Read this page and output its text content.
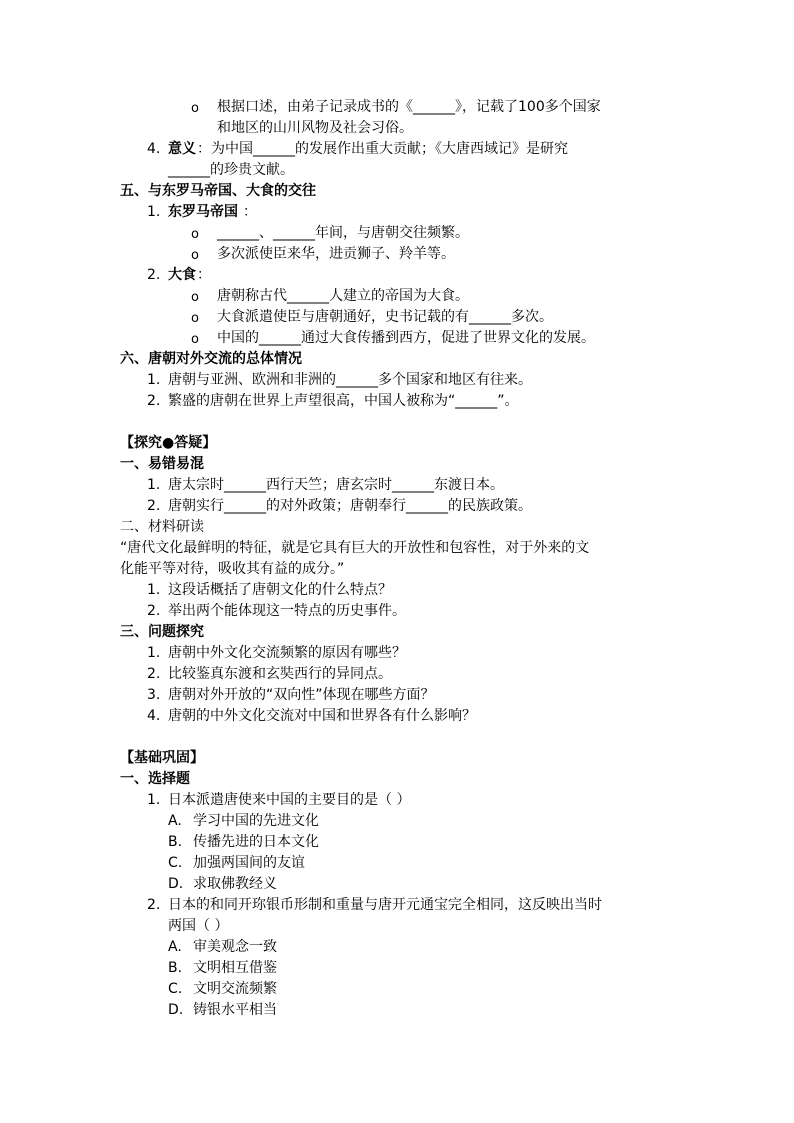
o 根据口述，由弟子记录成书的《______》，记载了100多个国家
和地区的山川风物及社会习俗。
4. 意义 ：为中国______的发展作出重大贡献；《大唐西域记》是研究
______的珍贵文献。
五、与东罗马帝国、大食的交往
1. 东罗马帝国 ：
o ______、______年间，与唐朝交往频繁。
o 多次派使臣来华，进贡狮子、羚羊等。
2. 大食 ：
o 唐朝称古代______人建立的帝国为大食。
o 大食派遣使臣与唐朝通好，史书记载的有______多次。
o 中国的______通过大食传播到西方，促进了世界文化的发展。
六、唐朝对外交流的总体情况
1. 唐朝与亚洲、欧洲和非洲的______多个国家和地区有往来。
2. 繁盛的唐朝在世界上声望很高，中国人被称为“______”。
【探究●答疑】
一、易错易混
1. 唐太宗时______西行天竺；唐玄宗时______东渡日本。
2. 唐朝实行______的对外政策；唐朝奉行______的民族政策。
二、材料研读
“唐代文化最鲜明的特征，就是它具有巨大的开放性和包容性，对于外来的文
化能平等对待，吸收其有益的成分。”
1. 这段话概括了唐朝文化的什么特点？
2. 举出两个能体现这一特点的历史事件。
三、问题探究
1. 唐朝中外文化交流频繁的原因有哪些？
2. 比较鉴真东渡和玄奘西行的异同点。
3. 唐朝对外开放的“双向性”体现在哪些方面？
4. 唐朝的中外文化交流对中国和世界各有什么影响？
【基础巩固】
一、选择题
1. 日本派遣唐使来中国的主要目的是（ ）
A. 学习中国的先进文化
B. 传播先进的日本文化
C. 加强两国间的友谊
D. 求取佛教经义
2. 日本的和同开珎银币形制和重量与唐开元通宝完全相同，这反映出当时
两国（ ）
A. 审美观念一致
B. 文明相互借鉴
C. 文明交流频繁
D. 铸银水平相当
